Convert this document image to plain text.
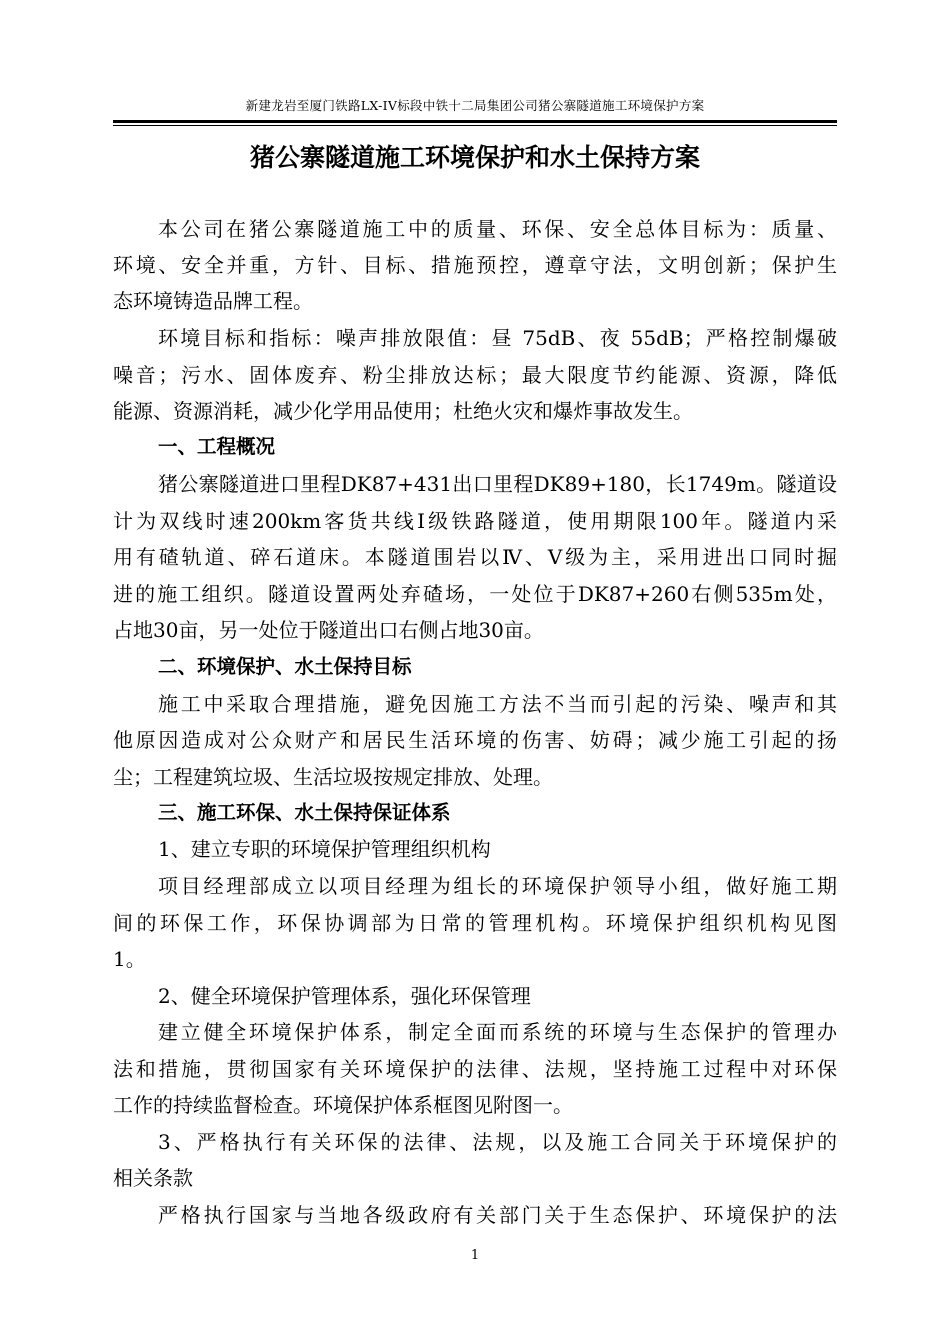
新建龙岩至厦门铁路LX-IV标段中铁十二局集团公司猪公寨隧道施工环境保护方案
猪公寨隧道施工环境保护和水土保持方案
本公司在猪公寨隧道施工中的质量、环保、安全总体目标为：质量、
环境、安全并重，方针、目标、措施预控，遵章守法，文明创新；保护生
态环境铸造品牌工程。
环境目标和指标：噪声排放限值：昼 75dB、夜 55dB；严格控制爆破
噪音；污水、固体废弃、粉尘排放达标；最大限度节约能源、资源，降低
能源、资源消耗，减少化学用品使用；杜绝火灾和爆炸事故发生。
一、工程概况
猪公寨隧道进口里程DK87+431出口里程DK89+180，长1749m。隧道设
计为双线时速200km客货共线Ⅰ级铁路隧道，使用期限100年。隧道内采
用有碴轨道、碎石道床。本隧道围岩以Ⅳ、Ⅴ级为主，采用进出口同时掘
进的施工组织。隧道设置两处弃碴场，一处位于DK87+260右侧535m处，
占地30亩，另一处位于隧道出口右侧占地30亩。
二、环境保护、水土保持目标
施工中采取合理措施，避免因施工方法不当而引起的污染、噪声和其
他原因造成对公众财产和居民生活环境的伤害、妨碍；减少施工引起的扬
尘；工程建筑垃圾、生活垃圾按规定排放、处理。
三、施工环保、水土保持保证体系
1、建立专职的环境保护管理组织机构
项目经理部成立以项目经理为组长的环境保护领导小组，做好施工期
间的环保工作，环保协调部为日常的管理机构。环境保护组织机构见图
1。
2、健全环境保护管理体系，强化环保管理
建立健全环境保护体系，制定全面而系统的环境与生态保护的管理办
法和措施，贯彻国家有关环境保护的法律、法规，坚持施工过程中对环保
工作的持续监督检查。环境保护体系框图见附图一。
3、严格执行有关环保的法律、法规，以及施工合同关于环境保护的
相关条款
严格执行国家与当地各级政府有关部门关于生态保护、环境保护的法
1
